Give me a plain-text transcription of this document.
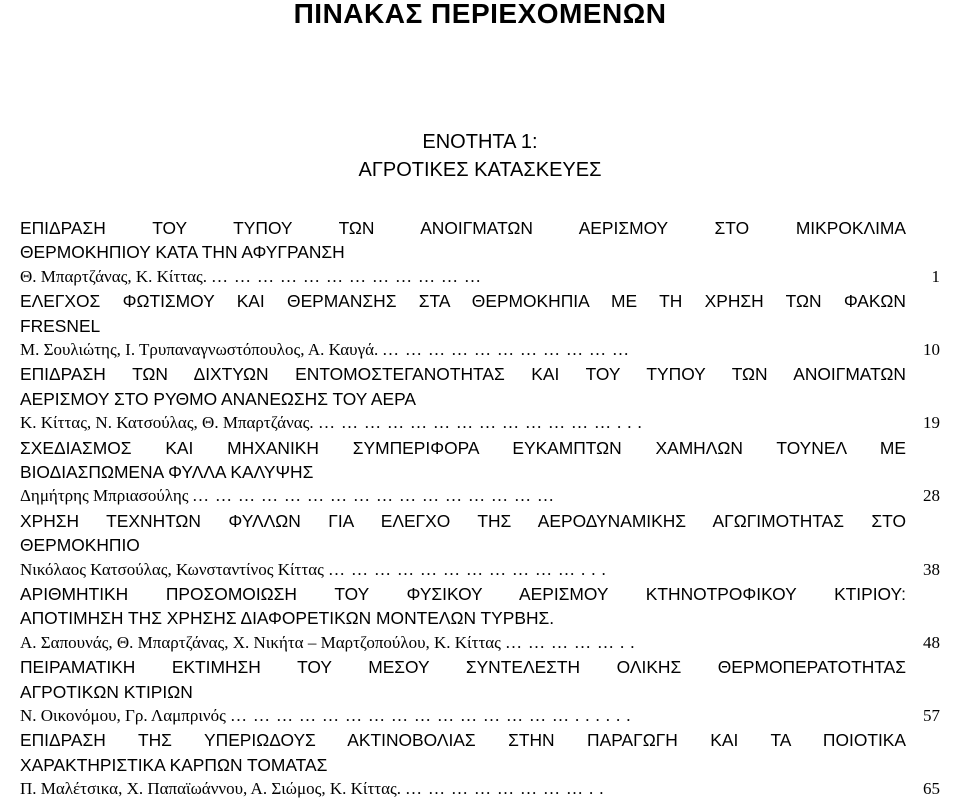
ΠΙΝΑΚΑΣ ΠΕΡΙΕΧΟΜΕΝΩΝ
ΕΝΟΤΗΤΑ 1:
ΑΓΡΟΤΙΚΕΣ ΚΑΤΑΣΚΕΥΕΣ
ΕΠΙΔΡΑΣΗ ΤΟΥ ΤΥΠΟΥ ΤΩΝ ΑΝΟΙΓΜΑΤΩΝ ΑΕΡΙΣΜΟΥ ΣΤΟ ΜΙΚΡΟΚΛΙΜΑ
ΘΕΡΜΟΚΗΠΙΟΥ ΚΑΤΑ ΤΗΝ ΑΦΥΓΡΑΝΣΗ
Θ. Μπαρτζάνας, Κ. Κίττας. ………………………………	1
ΕΛΕΓΧΟΣ ΦΩΤΙΣΜΟΥ ΚΑΙ ΘΕΡΜΑΝΣΗΣ ΣΤΑ ΘΕΡΜΟΚΗΠΙΑ ΜΕ ΤΗ ΧΡΗΣΗ ΤΩΝ ΦΑΚΩΝ
FRESNEL
Μ. Σουλιώτης, Ι. Τρυπαναγνωστόπουλος, Α. Καυγά. ……………………………	10
ΕΠΙΔΡΑΣΗ ΤΩΝ ΔΙΧΤΥΩΝ ΕΝΤΟΜΟΣΤΕΓΑΝΟΤΗΤΑΣ ΚΑΙ ΤΟΥ ΤΥΠΟΥ ΤΩΝ ΑΝΟΙΓΜΑΤΩΝ
ΑΕΡΙΣΜΟΥ ΣΤΟ ΡΥΘΜΟ ΑΝΑΝΕΩΣΗΣ ΤΟΥ ΑΕΡΑ
Κ. Κίττας, Ν. Κατσούλας, Θ. Μπαρτζάνας. …………………………………...	19
ΣΧΕΔΙΑΣΜΟΣ ΚΑΙ ΜΗΧΑΝΙΚΗ ΣΥΜΠΕΡΙΦΟΡΑ ΕΥΚΑΜΠΤΩΝ ΧΑΜΗΛΩΝ ΤΟΥΝΕΛ ΜΕ
ΒΙΟΔΙΑΣΠΩΜΕΝΑ ΦΥΛΛΑ ΚΑΛΥΨΗΣ
Δημήτρης Μπριασούλης …………………………………………	28
ΧΡΗΣΗ ΤΕΧΝΗΤΩΝ ΦΥΛΛΩΝ ΓΙΑ ΕΛΕΓΧΟ ΤΗΣ ΑΕΡΟΔΥΝΑΜΙΚΗΣ ΑΓΩΓΙΜΟΤΗΤΑΣ ΣΤΟ
ΘΕΡΜΟΚΗΠΙΟ
Νικόλαος Κατσούλας, Κωνσταντίνος Κίττας ……………………………...	38
ΑΡΙΘΜΗΤΙΚΗ ΠΡΟΣΟΜΟΙΩΣΗ ΤΟΥ ΦΥΣΙΚΟΥ ΑΕΡΙΣΜΟΥ ΚΤΗΝΟΤΡΟΦΙΚΟΥ ΚΤΙΡΙΟΥ:
ΑΠΟΤΙΜΗΣΗ ΤΗΣ ΧΡΗΣΗΣ ΔΙΑΦΟΡΕΤΙΚΩΝ ΜΟΝΤΕΛΩΝ ΤΥΡΒΗΣ.
Α. Σαπουνάς, Θ. Μπαρτζάνας, Χ. Νικήτα – Μαρτζοπούλου, Κ. Κίττας ……………..	48
ΠΕΙΡΑΜΑΤΙΚΗ ΕΚΤΙΜΗΣΗ ΤΟΥ ΜΕΣΟΥ ΣΥΝΤΕΛΕΣΤΗ ΟΛΙΚΗΣ ΘΕΡΜΟΠΕΡΑΤΟΤΗΤΑΣ
ΑΓΡΟΤΙΚΩΝ ΚΤΙΡΙΩΝ
Ν. Οικονόμου, Γρ. Λαμπρινός ………………………………………......	57
ΕΠΙΔΡΑΣΗ ΤΗΣ ΥΠΕΡΙΩΔΟΥΣ ΑΚΤΙΝΟΒΟΛΙΑΣ ΣΤΗΝ ΠΑΡΑΓΩΓΗ ΚΑΙ ΤΑ ΠΟΙΟΤΙΚΑ
ΧΑΡΑΚΤΗΡΙΣΤΙΚΑ ΚΑΡΠΩΝ ΤΟΜΑΤΑΣ
Π. Μαλέτσικα, Χ. Παπαϊωάννου, Α. Σιώμος, Κ. Κίττας. ……………………..	65
